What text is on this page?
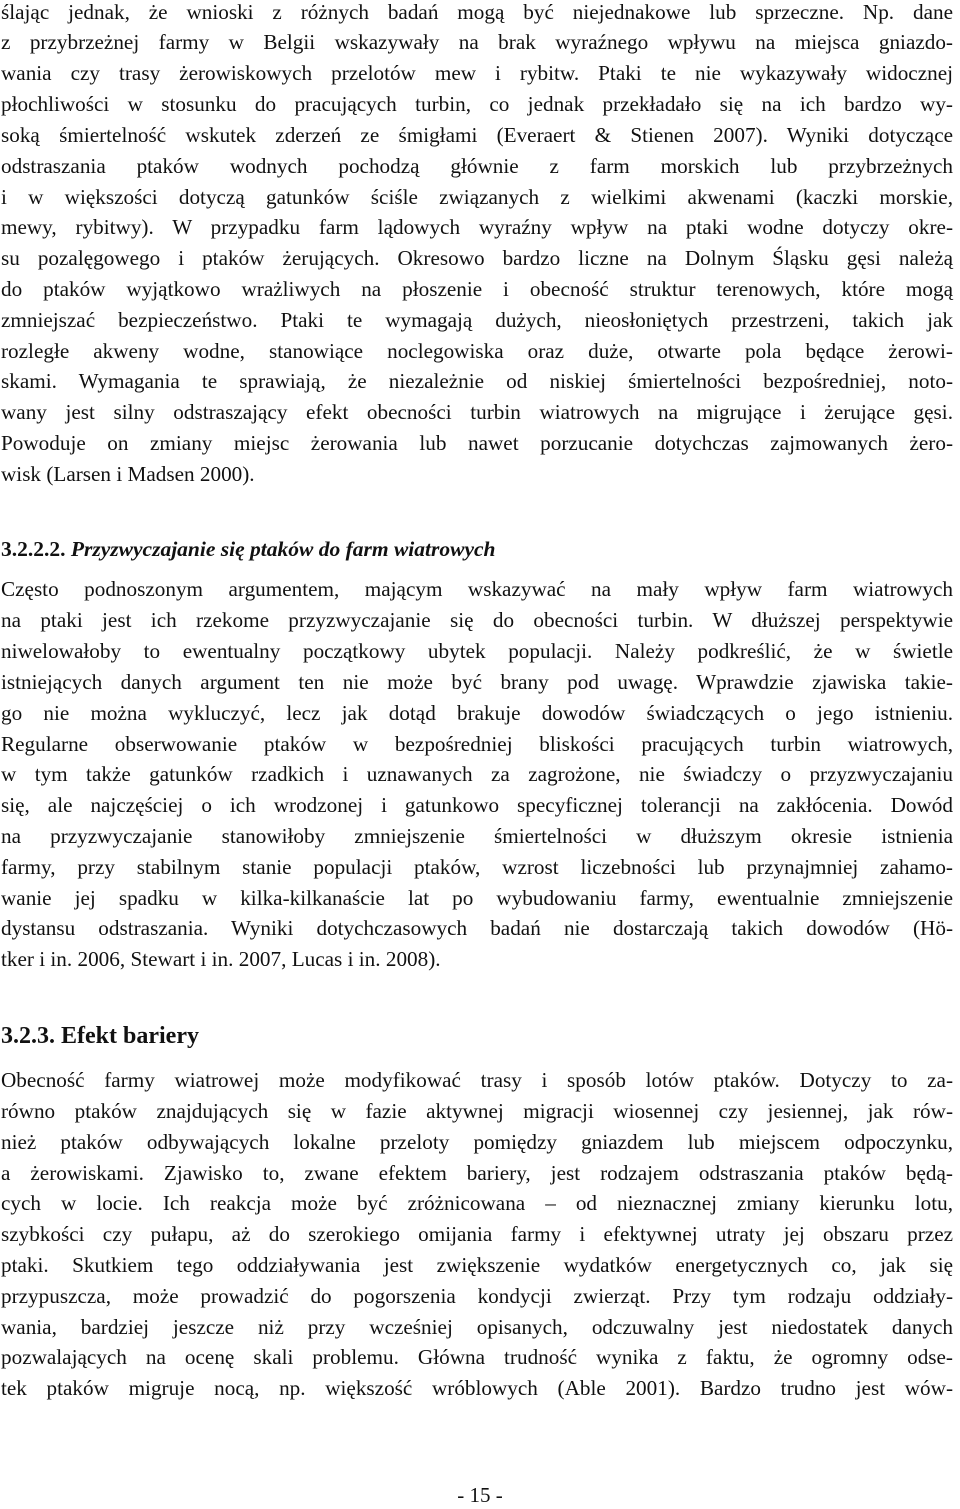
ślając jednak, że wnioski z różnych badań mogą być niejednakowe lub sprzeczne. Np. dane
z przybrzeżnej farmy w Belgii wskazywały na brak wyraźnego wpływu na miejsca gniazdo-
wania czy trasy żerowiskowych przelotów mew i rybitw. Ptaki te nie wykazywały widocznej
płochliwości w stosunku do pracujących turbin, co jednak przekładało się na ich bardzo wy-
soką śmiertelność wskutek zderzeń ze śmigłami (Everaert & Stienen 2007). Wyniki dotyczące
odstraszania ptaków wodnych pochodzą głównie z farm morskich lub przybrzeżnych
i w większości dotyczą gatunków ściśle związanych z wielkimi akwenami (kaczki morskie,
mewy, rybitwy). W przypadku farm lądowych wyraźny wpływ na ptaki wodne dotyczy okre-
su pozalęgowego i ptaków żerujących. Okresowo bardzo liczne na Dolnym Śląsku gęsi należą
do ptaków wyjątkowo wrażliwych na płoszenie i obecność struktur terenowych, które mogą
zmniejszać bezpieczeństwo. Ptaki te wymagają dużych, nieosłoniętych przestrzeni, takich jak
rozległe akweny wodne, stanowiące noclegowiska oraz duże, otwarte pola będące żerowi-
skami. Wymagania te sprawiają, że niezależnie od niskiej śmiertelności bezpośredniej, noto-
wany jest silny odstraszający efekt obecności turbin wiatrowych na migrujące i żerujące gęsi.
Powoduje on zmiany miejsc żerowania lub nawet porzucanie dotychczas zajmowanych żero-
wisk (Larsen i Madsen 2000).
3.2.2.2. Przyzwyczajanie się ptaków do farm wiatrowych
Często podnoszonym argumentem, mającym wskazywać na mały wpływ farm wiatrowych
na ptaki jest ich rzekome przyzwyczajanie się do obecności turbin. W dłuższej perspektywie
niwelowałoby to ewentualny początkowy ubytek populacji. Należy podkreślić, że w świetle
istniejących danych argument ten nie może być brany pod uwagę. Wprawdzie zjawiska takie-
go nie można wykluczyć, lecz jak dotąd brakuje dowodów świadczących o jego istnieniu.
Regularne obserwowanie ptaków w bezpośredniej bliskości pracujących turbin wiatrowych,
w tym także gatunków rzadkich i uznawanych za zagrożone, nie świadczy o przyzwyczajaniu
się, ale najczęściej o ich wrodzonej i gatunkowo specyficznej tolerancji na zakłócenia. Dowód
na przyzwyczajanie stanowiłoby zmniejszenie śmiertelności w dłuższym okresie istnienia
farmy, przy stabilnym stanie populacji ptaków, wzrost liczebności lub przynajmniej zahamo-
wanie jej spadku w kilka-kilkanaście lat po wybudowaniu farmy, ewentualnie zmniejszenie
dystansu odstraszania. Wyniki dotychczasowych badań nie dostarczają takich dowodów (Hö-
tker i in. 2006, Stewart i in. 2007, Lucas i in. 2008).
3.2.3. Efekt bariery
Obecność farmy wiatrowej może modyfikować trasy i sposób lotów ptaków. Dotyczy to za-
równo ptaków znajdujących się w fazie aktywnej migracji wiosennej czy jesiennej, jak rów-
nież ptaków odbywających lokalne przeloty pomiędzy gniazdem lub miejscem odpoczynku,
a żerowiskami. Zjawisko to, zwane efektem bariery, jest rodzajem odstraszania ptaków będą-
cych w locie. Ich reakcja może być zróżnicowana – od nieznacznej zmiany kierunku lotu,
szybkości czy pułapu, aż do szerokiego omijania farmy i efektywnej utraty jej obszaru przez
ptaki. Skutkiem tego oddziaływania jest zwiększenie wydatków energetycznych co, jak się
przypuszcza, może prowadzić do pogorszenia kondycji zwierząt. Przy tym rodzaju oddziały-
wania, bardziej jeszcze niż przy wcześniej opisanych, odczuwalny jest niedostatek danych
pozwalających na ocenę skali problemu. Główna trudność wynika z faktu, że ogromny odse-
tek ptaków migruje nocą, np. większość wróblowych (Able 2001). Bardzo trudno jest wów-
- 15 -
